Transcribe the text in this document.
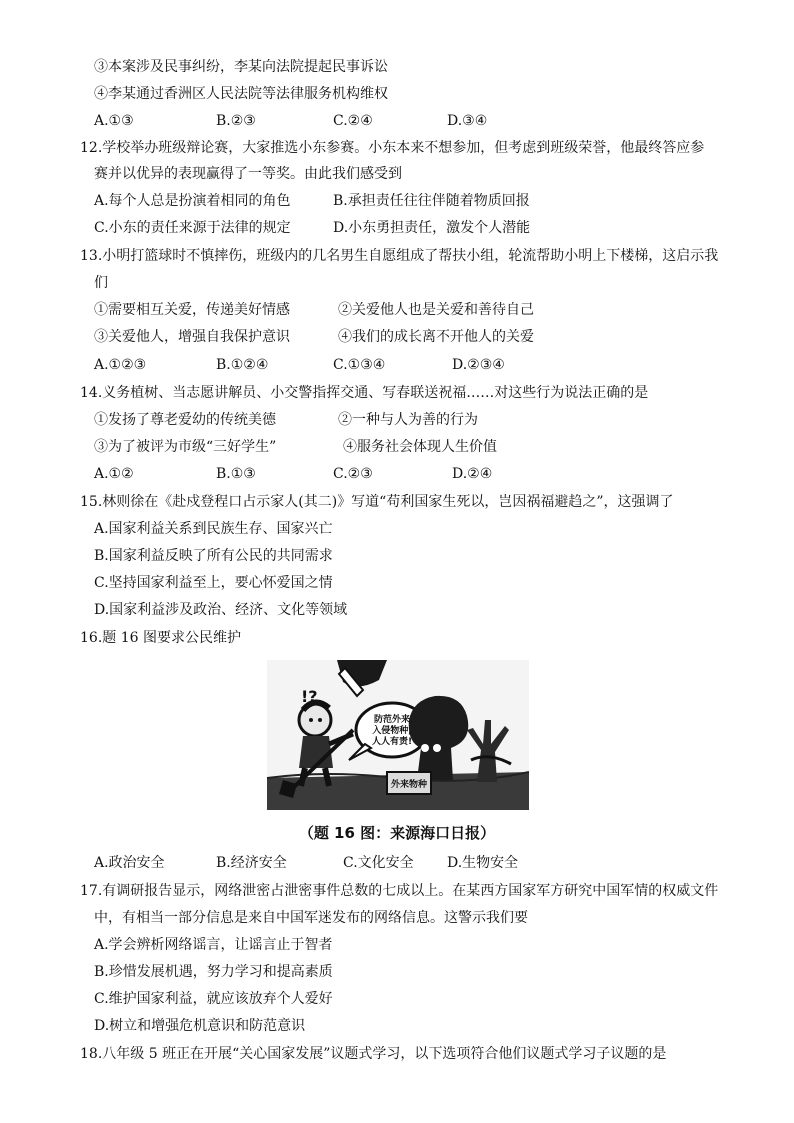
③本案涉及民事纠纷，李某向法院提起民事诉讼
④李某通过香洲区人民法院等法律服务机构维权
A.①③	B.②③	C.②④	D.③④
12.学校举办班级辩论赛，大家推选小东参赛。小东本来不想参加，但考虑到班级荣誉，他最终答应参
赛并以优异的表现赢得了一等奖。由此我们感受到
A.每个人总是扮演着相同的角色	B.承担责任往往伴随着物质回报
C.小东的责任来源于法律的规定	D.小东勇担责任，激发个人潜能
13.小明打篮球时不慎摔伤，班级内的几名男生自愿组成了帮扶小组，轮流帮助小明上下楼梯，这启示我
们
①需要相互关爱，传递美好情感	②关爱他人也是关爱和善待自己
③关爱他人，增强自我保护意识	④我们的成长离不开他人的关爱
A.①②③	B.①②④	C.①③④	D.②③④
14.义务植树、当志愿讲解员、小交警指挥交通、写春联送祝福……对这些行为说法正确的是
①发扬了尊老爱幼的传统美德	②一种与人为善的行为
③为了被评为市级“三好学生”	④服务社会体现人生价值
A.①②	B.①③	C.②③	D.②④
15.林则徐在《赴戍登程口占示家人(其二)》写道“苟利国家生死以，岂因祸福避趋之”，这强调了
A.国家利益关系到民族生存、国家兴亡
B.国家利益反映了所有公民的共同需求
C.坚持国家利益至上，要心怀爱国之情
D.国家利益涉及政治、经济、文化等领域
16.题 16 图要求公民维护
防范外来
入侵物种,
人人有责!
外来物种
!?
（题 16 图：来源海口日报）
A.政治安全	B.经济安全	C.文化安全 D.生物安全
17.有调研报告显示，网络泄密占泄密事件总数的七成以上。在某西方国家军方研究中国军情的权威文件
中，有相当一部分信息是来自中国军迷发布的网络信息。这警示我们要
A.学会辨析网络谣言，让谣言止于智者
B.珍惜发展机遇，努力学习和提高素质
C.维护国家利益，就应该放弃个人爱好
D.树立和增强危机意识和防范意识
18.八年级 5 班正在开展“关心国家发展”议题式学习，以下选项符合他们议题式学习子议题的是
